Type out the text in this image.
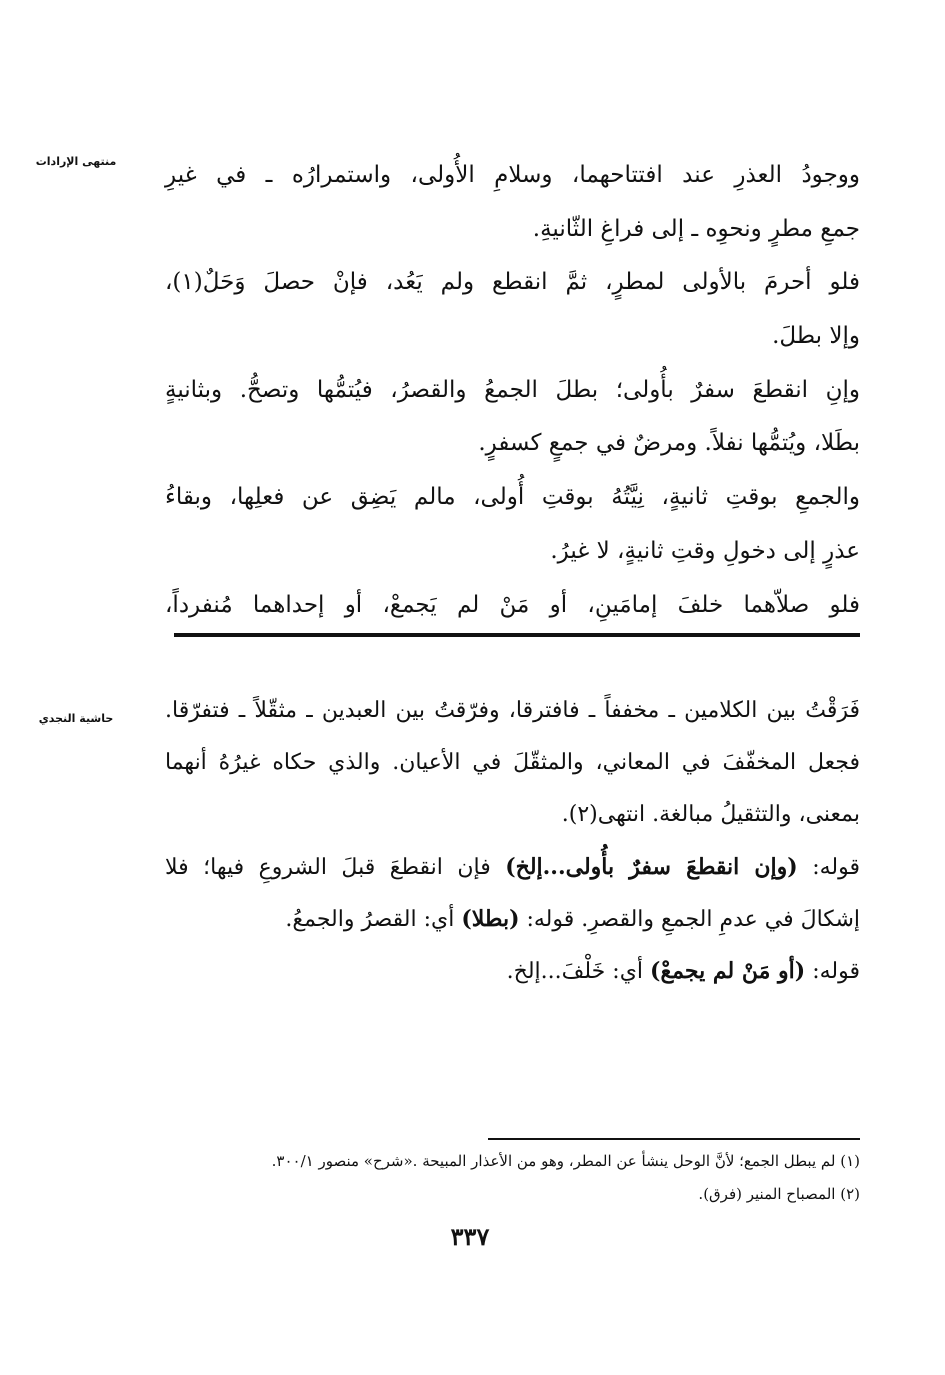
منتهى الإرادات
حاشية النجدي
ووجودُ العذرِ عند افتتاحهما، وسلامِ الأُولى، واستمرارُه ـ في غيرِ
جمعِ مطرٍ ونحوِه ـ إلى فراغِ الثّانيةِ.
فلو أحرمَ بالأولى لمطرٍ، ثمَّ انقطع ولم يَعُد، فإنْ حصلَ وَحَلٌ(١)،
وإلا بطلَ.
وإنِ انقطعَ سفرٌ بأُولى؛ بطلَ الجمعُ والقصرُ، فيُتمُّها وتصحُّ. وبثانيةٍ
بطَلا، ويُتمُّها نفلاً. ومرضٌ في جمعٍ كسفرٍ.
والجمعِ بوقتِ ثانيةٍ، نِيَّتُهُ بوقتِ أُولى، مالم يَضِق عن فعلِها، وبقاءُ
عذرٍ إلى دخولِ وقتِ ثانيةٍ، لا غيرُ.
فلو صلاّهما خلفَ إمامَينِ، أو مَنْ لم يَجمعْ، أو إحداهما مُنفرداً،
فَرَقْتُ بين الكلامين ـ مخففاً ـ فافترقا، وفرّقتُ بين العبدين ـ مثقّلاً ـ فتفرّقا.
فجعل المخفّفَ في المعاني، والمثقّلَ في الأعيان. والذي حكاه غيرُهُ أنهما
بمعنى، والتثقيلُ مبالغة. انتهى(٢).
قوله: (وإن انقطعَ سفرٌ بأُولى...إلخ) فإن انقطعَ قبلَ الشروعِ فيها؛ فلا
إشكالَ في عدمِ الجمعِ والقصرِ. قوله: (بطلا) أي: القصرُ والجمعُ.
قوله: (أو مَنْ لم يجمعْ) أي: خَلْفَ...إلخ.
(١) لم يبطل الجمع؛ لأنَّ الوحل ينشأ عن المطر، وهو من الأعذار المبيحة .«شرح» منصور ٣٠٠/١.
(٢) المصباح المنير (فرق).
٣٣٧
